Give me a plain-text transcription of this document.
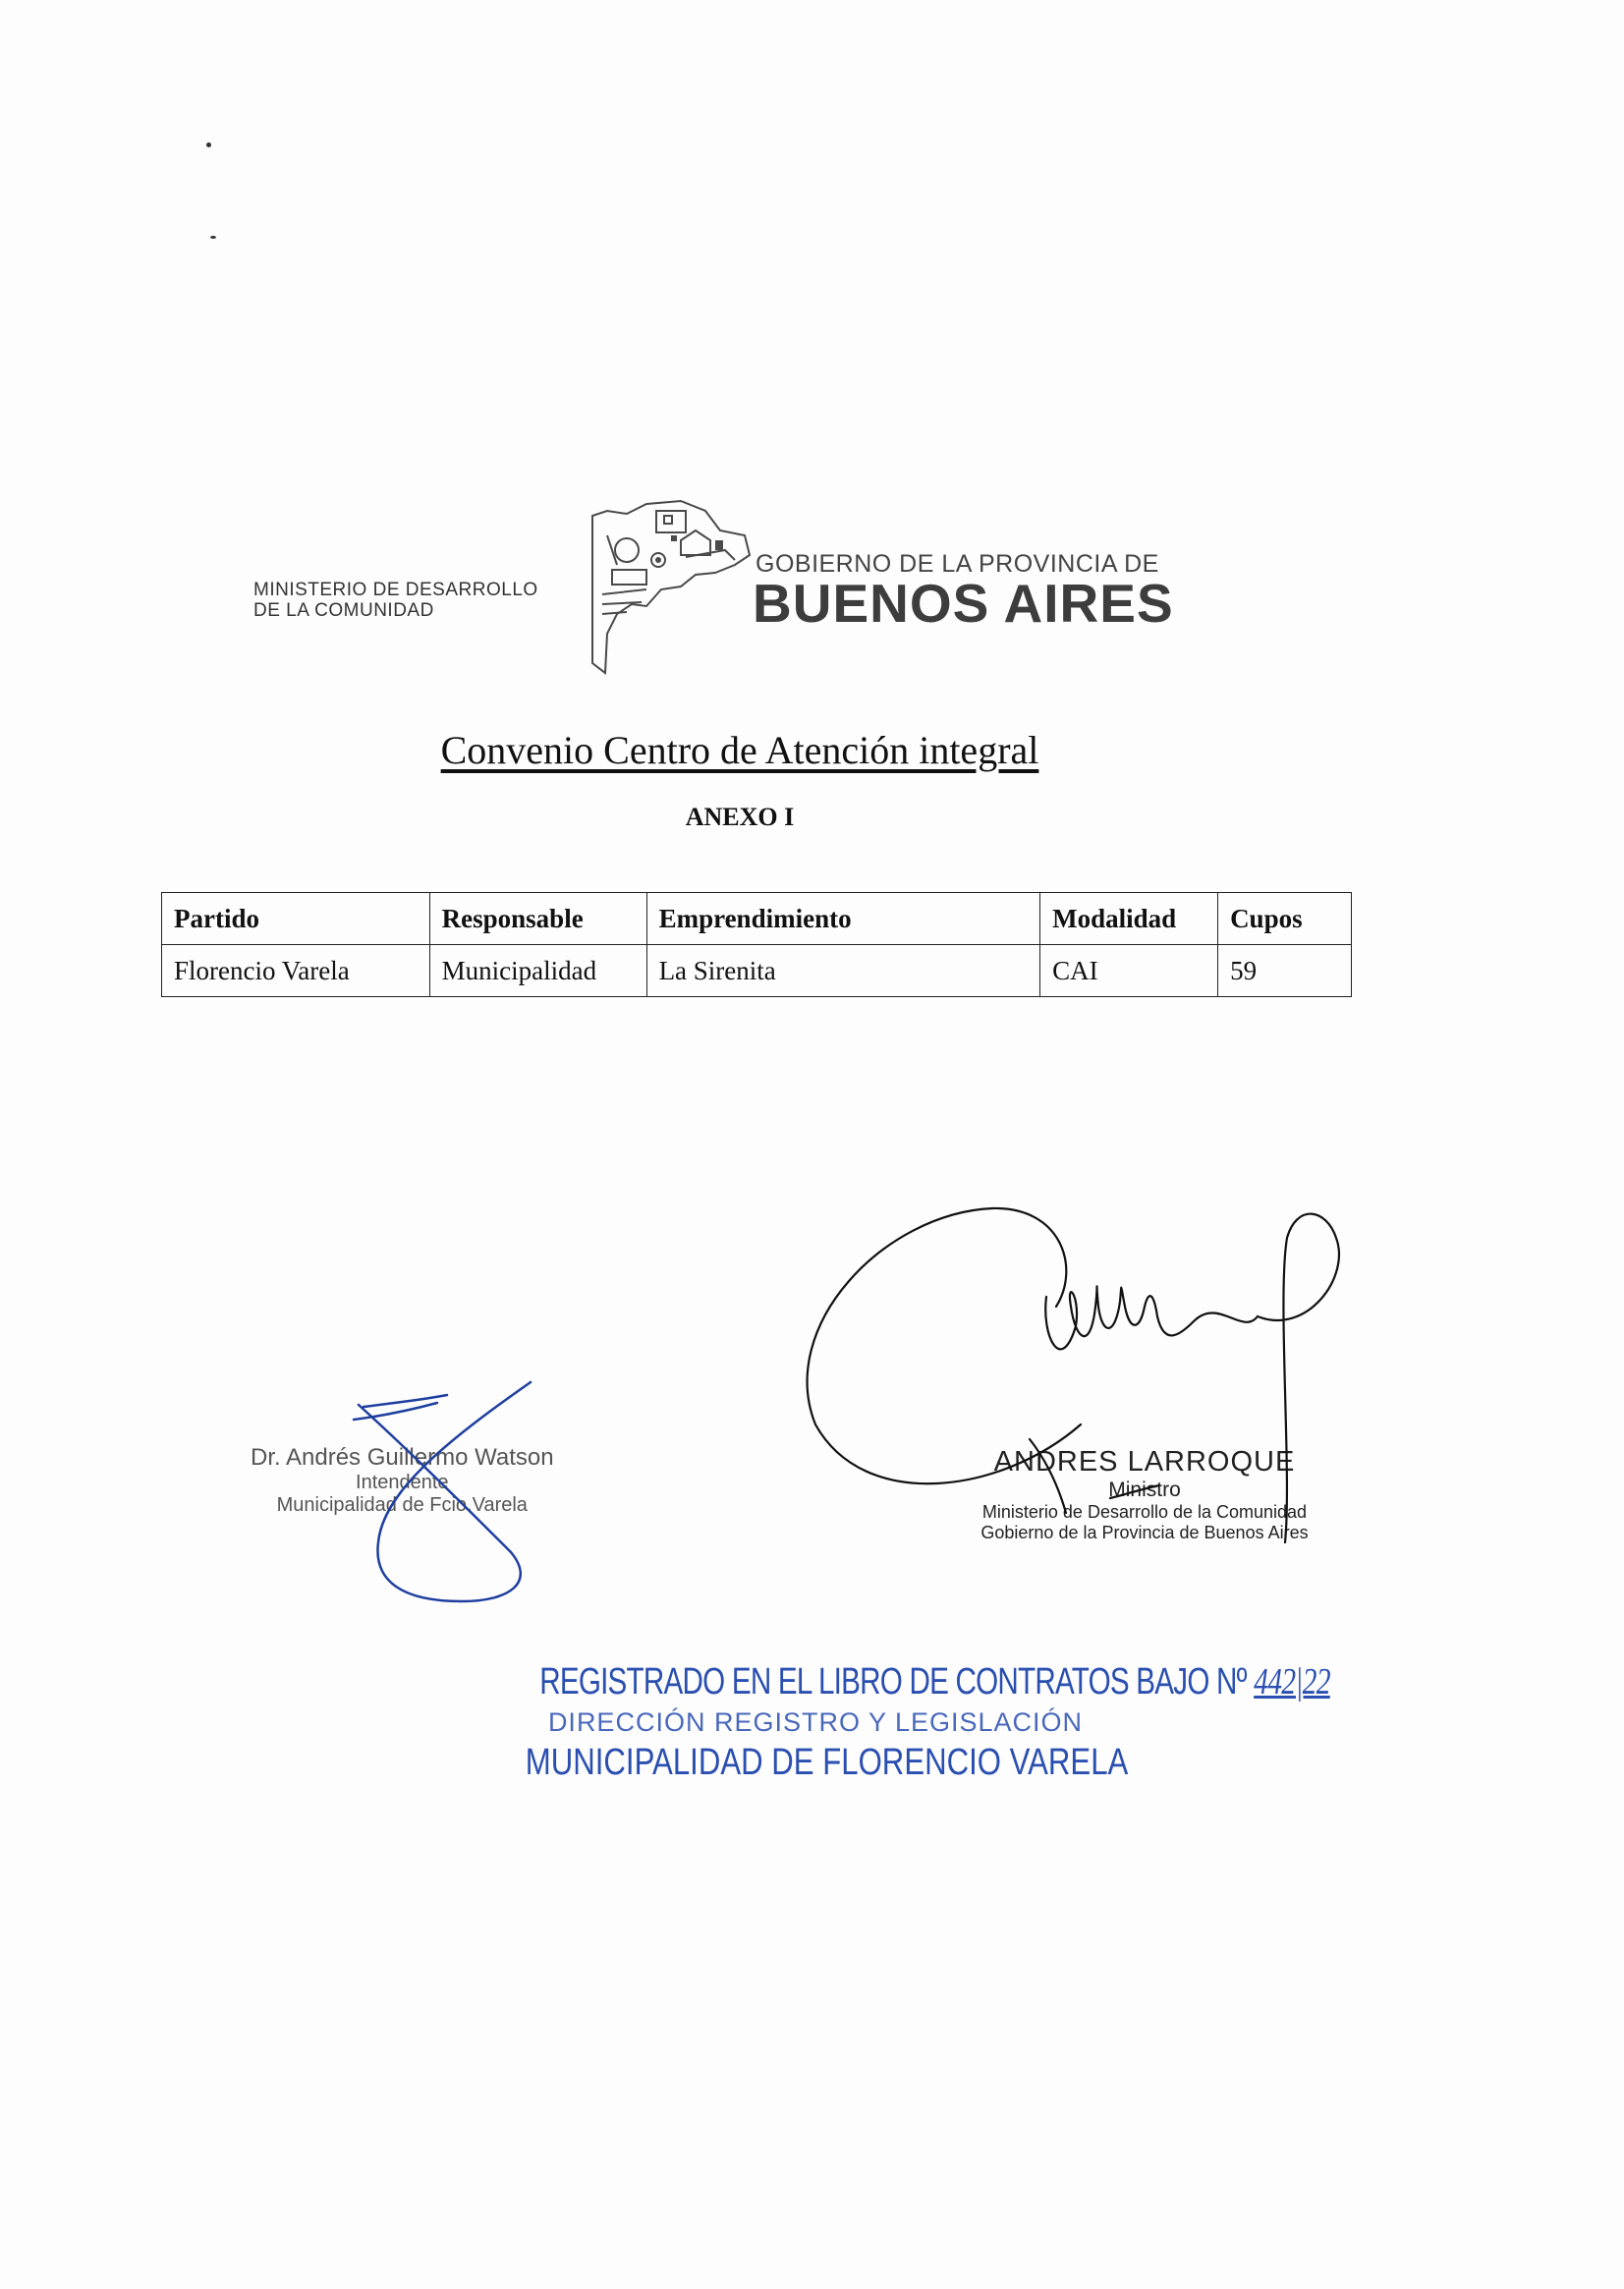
MINISTERIO DE DESARROLLO
DE LA COMUNIDAD
GOBIERNO DE LA PROVINCIA DE
BUENOS AIRES
Convenio Centro de Atención integral
ANEXO I
Partido	Responsable	Emprendimiento	Modalidad	Cupos
Florencio Varela	Municipalidad	La Sirenita	CAI	59
Dr. Andrés Guillermo Watson
Intendente
Municipalidad de Fcio.Varela
ANDRES LARROQUE
Ministro
Ministerio de Desarrollo de la Comunidad
Gobierno de la Provincia de Buenos Aires
REGISTRADO EN EL LIBRO DE CONTRATOS BAJO Nº 442|22
DIRECCIÓN REGISTRO Y LEGISLACIÓN
MUNICIPALIDAD DE FLORENCIO VARELA
